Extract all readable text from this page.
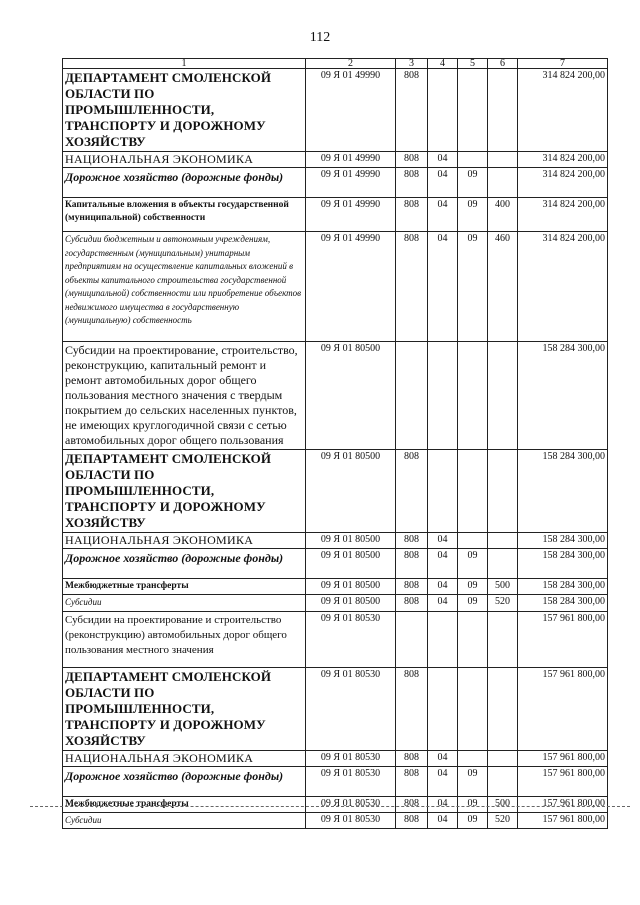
112
1	2	3	4	5	6	7
ДЕПАРТАМЕНТ СМОЛЕНСКОЙ ОБЛАСТИ ПО ПРОМЫШЛЕННОСТИ, ТРАНСПОРТУ И ДОРОЖНОМУ ХОЗЯЙСТВУ	09 Я 01 49990	808				314 824 200,00
НАЦИОНАЛЬНАЯ ЭКОНОМИКА	09 Я 01 49990	808	04			314 824 200,00
Дорожное хозяйство (дорожные фонды)	09 Я 01 49990	808	04	09		314 824 200,00
Капитальные вложения в объекты государственной (муниципальной) собственности	09 Я 01 49990	808	04	09	400	314 824 200,00
Субсидии бюджетным и автономным учреждениям, государственным (муниципальным) унитарным предприятиям на осуществление капитальных вложений в объекты капитального строительства государственной (муниципальной) собственности или приобретение объектов недвижимого имущества в государственную (муниципальную) собственность	09 Я 01 49990	808	04	09	460	314 824 200,00
Субсидии на проектирование, строительство, реконструкцию, капитальный ремонт и ремонт автомобильных дорог общего пользования местного значения с твердым покрытием до сельских населенных пунктов, не имеющих круглогодичной связи с сетью автомобильных дорог общего пользования	09 Я 01 80500					158 284 300,00
ДЕПАРТАМЕНТ СМОЛЕНСКОЙ ОБЛАСТИ ПО ПРОМЫШЛЕННОСТИ, ТРАНСПОРТУ И ДОРОЖНОМУ ХОЗЯЙСТВУ	09 Я 01 80500	808				158 284 300,00
НАЦИОНАЛЬНАЯ ЭКОНОМИКА	09 Я 01 80500	808	04			158 284 300,00
Дорожное хозяйство (дорожные фонды)	09 Я 01 80500	808	04	09		158 284 300,00
Межбюджетные трансферты	09 Я 01 80500	808	04	09	500	158 284 300,00
Субсидии	09 Я 01 80500	808	04	09	520	158 284 300,00
Субсидии на проектирование и строительство (реконструкцию) автомобильных дорог общего пользования местного значения	09 Я 01 80530					157 961 800,00
ДЕПАРТАМЕНТ СМОЛЕНСКОЙ ОБЛАСТИ ПО ПРОМЫШЛЕННОСТИ, ТРАНСПОРТУ И ДОРОЖНОМУ ХОЗЯЙСТВУ	09 Я 01 80530	808				157 961 800,00
НАЦИОНАЛЬНАЯ ЭКОНОМИКА	09 Я 01 80530	808	04			157 961 800,00
Дорожное хозяйство (дорожные фонды)	09 Я 01 80530	808	04	09		157 961 800,00
Межбюджетные трансферты	09 Я 01 80530	808	04	09	500	157 961 800,00
Субсидии	09 Я 01 80530	808	04	09	520	157 961 800,00
